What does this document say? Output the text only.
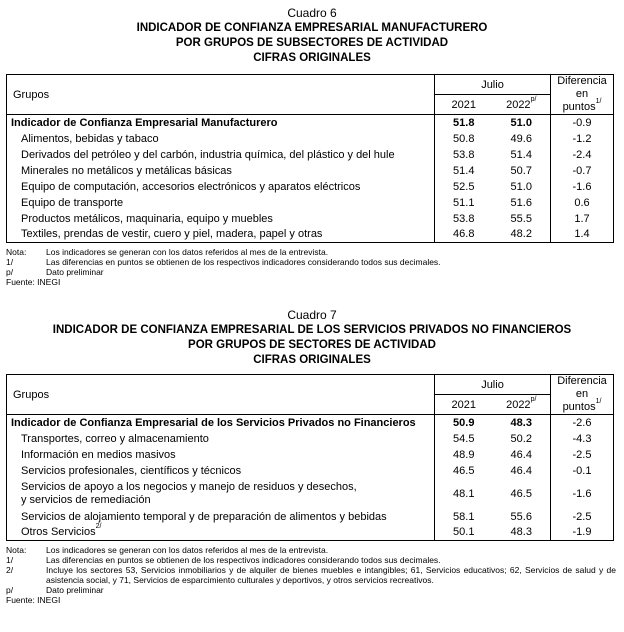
Cuadro 6
INDICADOR DE CONFIANZA EMPRESARIAL MANUFACTURERO
POR GRUPOS DE SUBSECTORES DE ACTIVIDAD
CIFRAS ORIGINALES
Grupos	Julio		Diferencia
en puntos$^{1/}$
	2021	$2022^{p/}$
Indicador de Confianza Empresarial Manufacturero	51.8	51.0	-0.9
Alimentos, bebidas y tabaco	50.8	49.6	-1.2
Derivados del petróleo y del carbón, industria química, del plástico y del hule	53.8	51.4	-2.4
Minerales no metálicos y metálicas básicas	51.4	50.7	-0.7
Equipo de computación, accesorios electrónicos y aparatos eléctricos	52.5	51.0	-1.6
Equipo de transporte	51.1	51.6	0.6
Productos metálicos, maquinaria, equipo y muebles	53.8	55.5	1.7
Textiles, prendas de vestir, cuero y piel, madera, papel y otras	46.8	48.2	1.4
Nota:	Los indicadores se generan con los datos referidos al mes de la entrevista.
1/	Las diferencias en puntos se obtienen de los respectivos indicadores considerando todos sus decimales.
p/	Dato preliminar
Fuente: INEGI
Cuadro 7
INDICADOR DE CONFIANZA EMPRESARIAL DE LOS SERVICIOS PRIVADOS NO FINANCIEROS
POR GRUPOS DE SECTORES DE ACTIVIDAD
CIFRAS ORIGINALES
Grupos	Julio		Diferencia
en puntos$^{1/}$
	2021	$2022^{p/}$
Indicador de Confianza Empresarial de los Servicios Privados no Financieros	50.9	48.3	-2.6
Transportes, correo y almacenamiento	54.5	50.2	-4.3
Información en medios masivos	48.9	46.4	-2.5
Servicios profesionales, científicos y técnicos	46.5	46.4	-0.1
Servicios de apoyo a los negocios y manejo de residuos y desechos,
y servicios de remediación	48.1	46.5	-1.6
Servicios de alojamiento temporal y de preparación de alimentos y bebidas	58.1	55.6	-2.5
Otros Servicios$^{2/}$	50.1	48.3	-1.9
Nota:	Los indicadores se generan con los datos referidos al mes de la entrevista.
1/	Las diferencias en puntos se obtienen de los respectivos indicadores considerando todos sus decimales.
2/	Incluye los sectores 53, Servicios inmobiliarios y de alquiler de bienes muebles e intangibles; 61, Servicios educativos; 62, Servicios de salud y de asistencia social, y 71, Servicios de esparcimiento culturales y deportivos, y otros servicios recreativos.
p/	Dato preliminar
Fuente: INEGI
